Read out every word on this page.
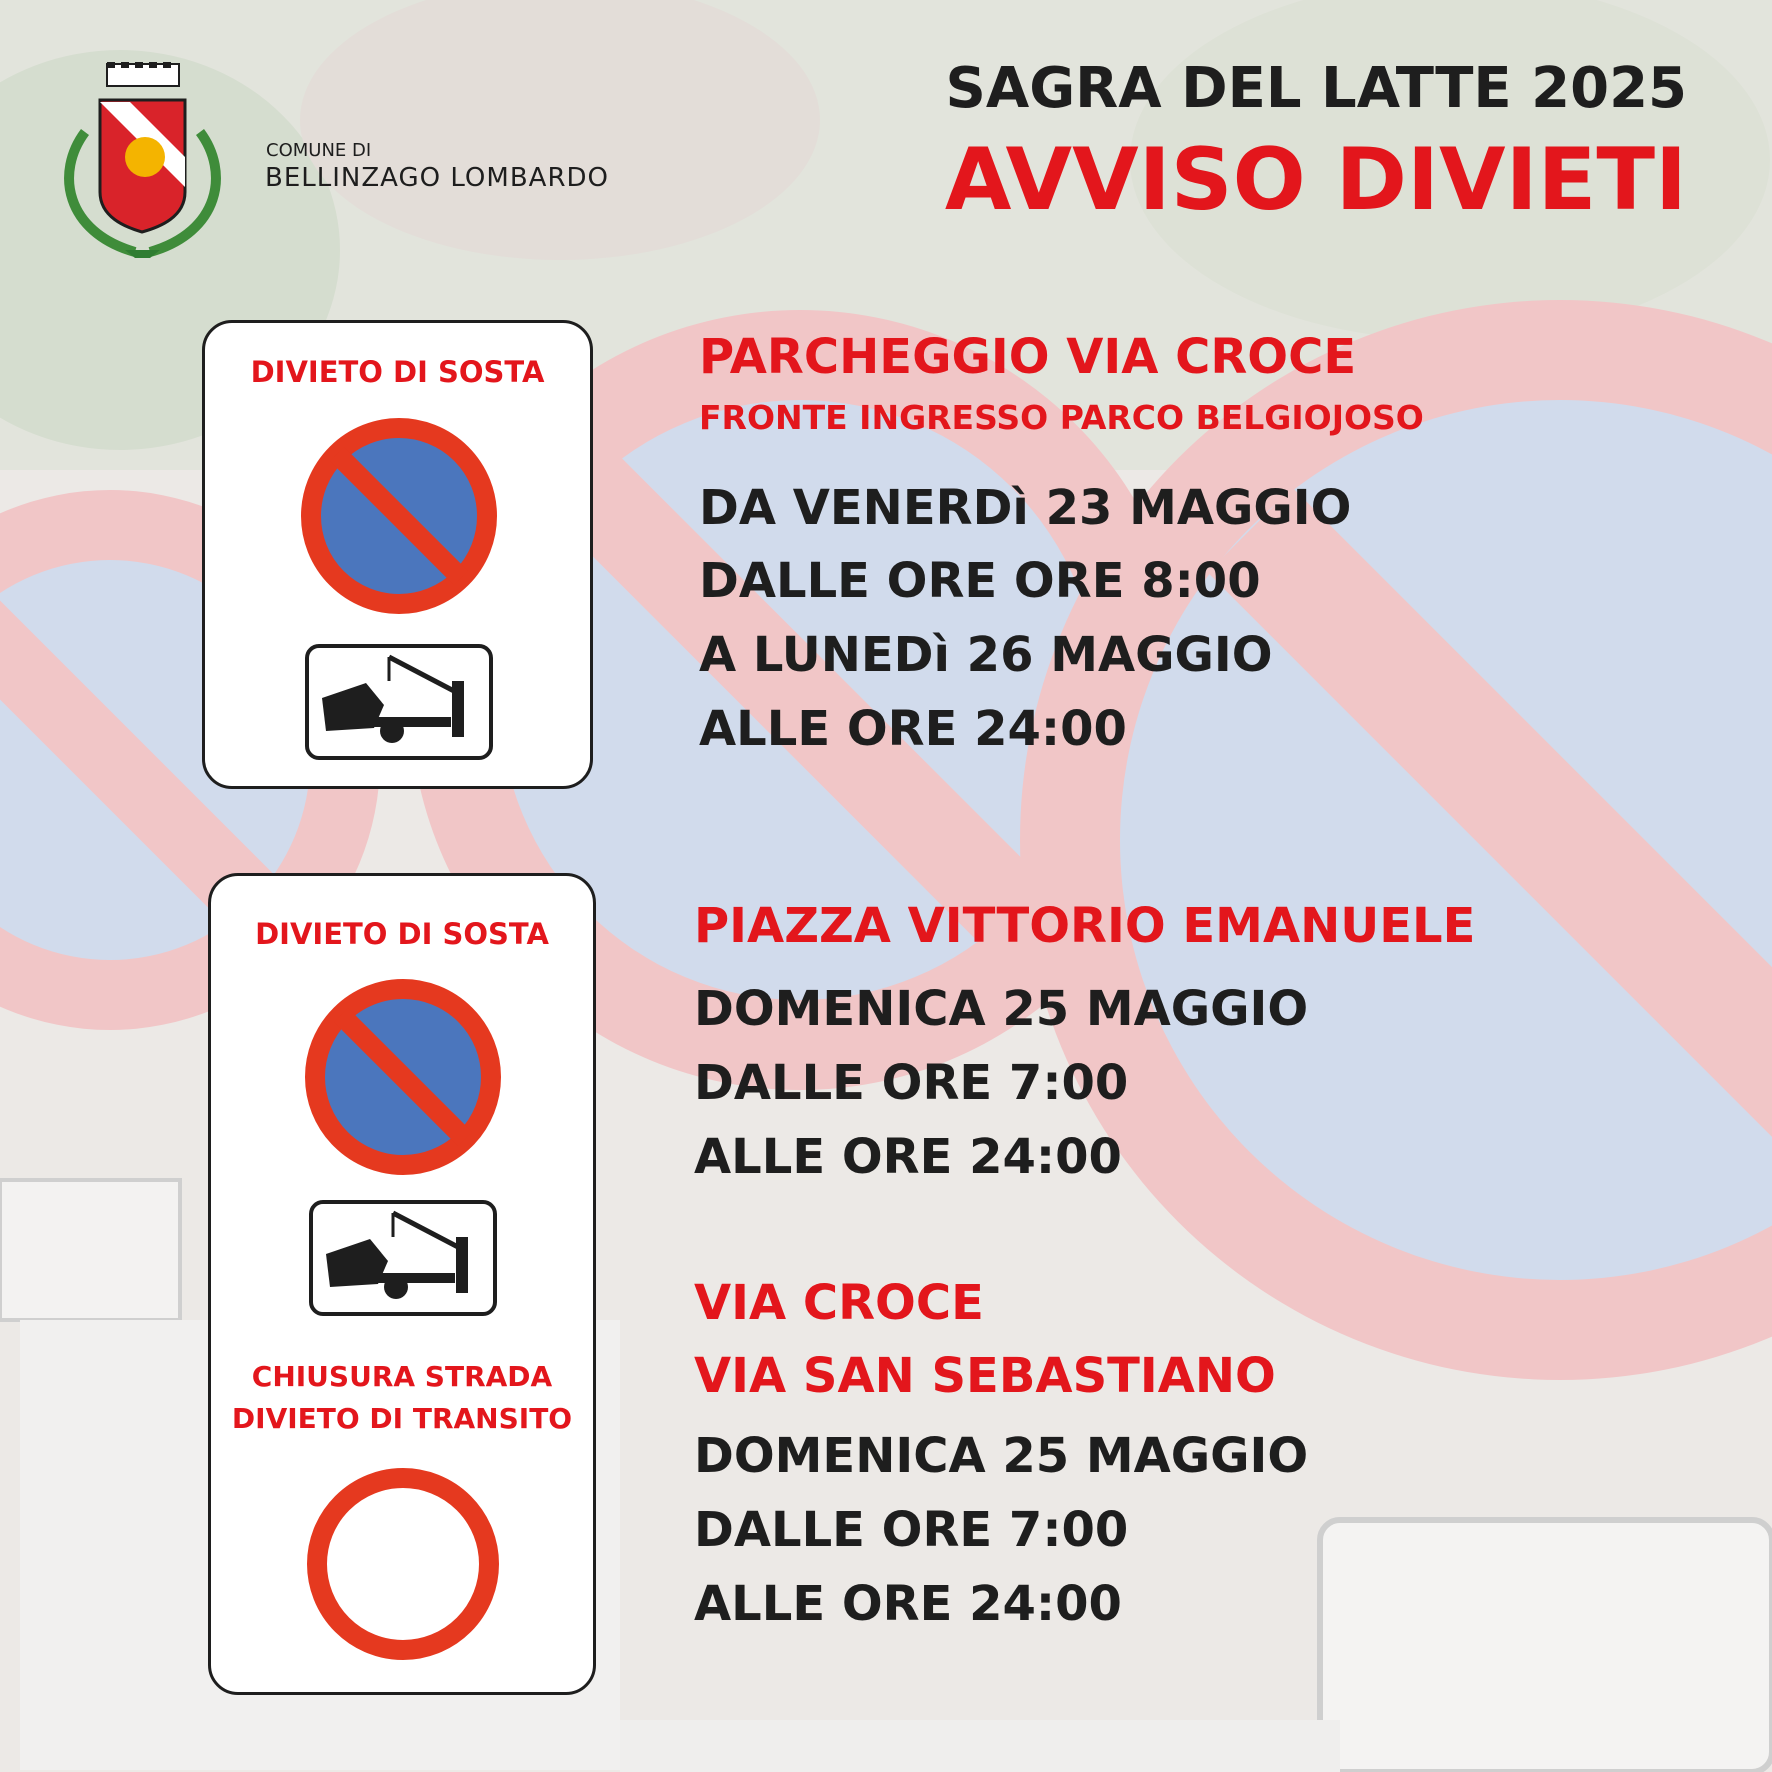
COMUNE DI
BELLINZAGO LOMBARDO
SAGRA DEL LATTE 2025
AVVISO DIVIETI
DIVIETO DI SOSTA
DIVIETO DI SOSTA
CHIUSURA STRADA
DIVIETO DI TRANSITO
PARCHEGGIO VIA CROCE
FRONTE INGRESSO PARCO BELGIOJOSO
DA VENERDì 23 MAGGIO
DALLE ORE ORE 8:00
A LUNEDì 26 MAGGIO
ALLE ORE 24:00
PIAZZA VITTORIO EMANUELE
DOMENICA 25 MAGGIO
DALLE ORE 7:00
ALLE ORE 24:00
VIA CROCE
VIA SAN SEBASTIANO
DOMENICA 25 MAGGIO
DALLE ORE 7:00
ALLE ORE 24:00
